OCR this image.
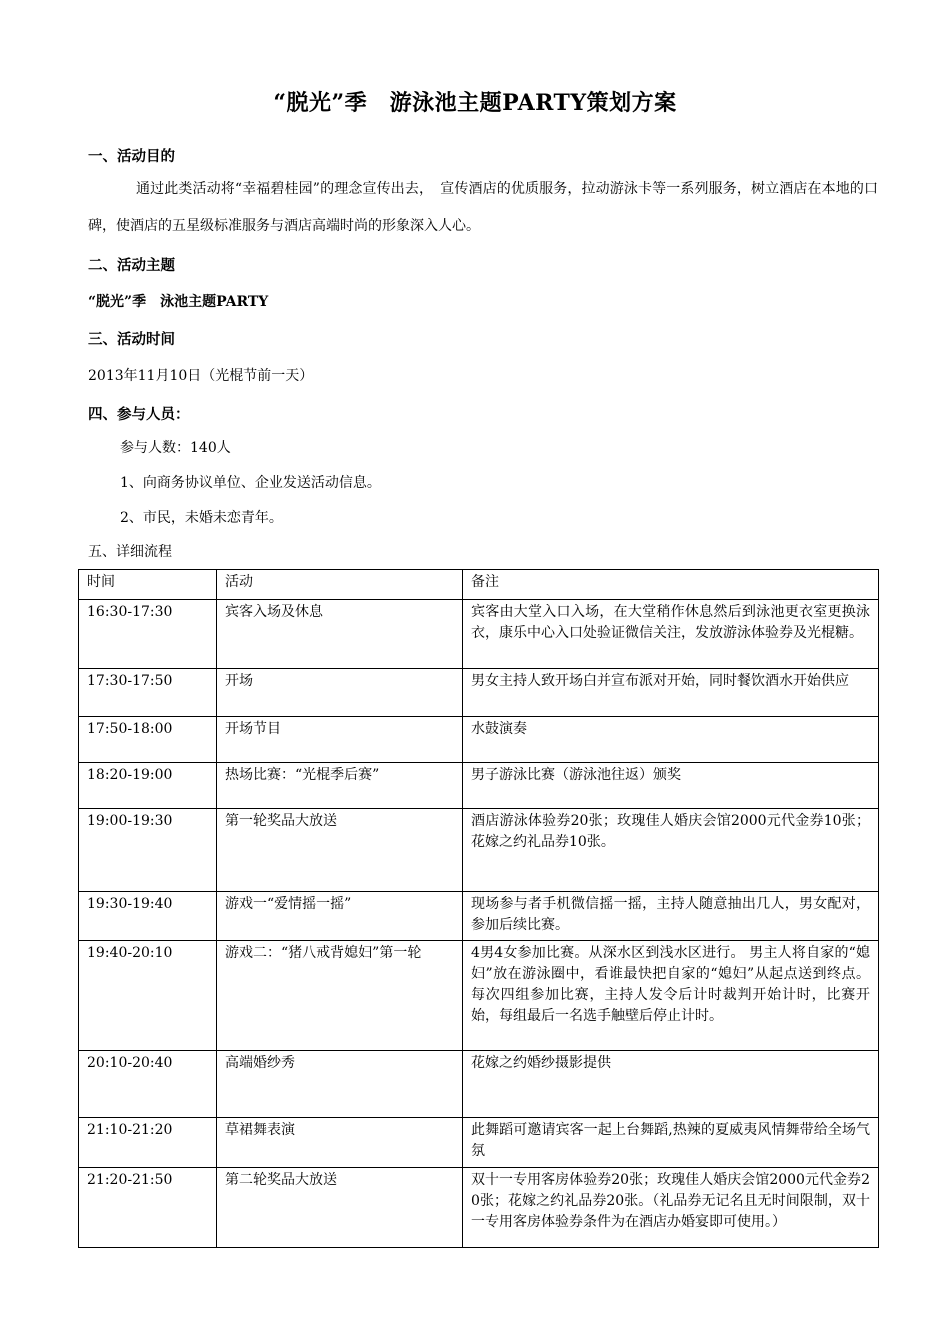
“脱光”季　游泳池主题PARTY策划方案
一、活动目的
通过此类活动将“幸福碧桂园”的理念宣传出去，　宣传酒店的优质服务，拉动游泳卡等一系列服务，树立酒店在本地的口碑，使酒店的五星级标准服务与酒店高端时尚的形象深入人心。
二、活动主题
“脱光”季　泳池主题PARTY
三、活动时间
2013年11月10日（光棍节前一天）
四、参与人员：
参与人数：140人
1、向商务协议单位、企业发送活动信息。
2、市民，未婚未恋青年。
五、详细流程
时间	活动	备注
16:30-17:30	宾客入场及休息	宾客由大堂入口入场，在大堂稍作休息然后到泳池更衣室更换泳衣，康乐中心入口处验证微信关注，发放游泳体验券及光棍糖。
17:30-17:50	开场	男女主持人致开场白并宣布派对开始，同时餐饮酒水开始供应
17:50-18:00	开场节目	水鼓演奏
18:20-19:00	热场比赛：“光棍季后赛”	男子游泳比赛（游泳池往返）颁奖
19:00-19:30	第一轮奖品大放送	酒店游泳体验券20张；玫瑰佳人婚庆会馆2000元代金券10张；花嫁之约礼品券10张。
19:30-19:40	游戏一“爱情摇一摇”	现场参与者手机微信摇一摇，主持人随意抽出几人，男女配对，参加后续比赛。
19:40-20:10	游戏二：“猪八戒背媳妇”第一轮	4男4女参加比赛。从深水区到浅水区进行。 男主人将自家的“媳妇”放在游泳圈中，看谁最快把自家的“媳妇”从起点送到终点。每次四组参加比赛，主持人发令后计时裁判开始计时，比赛开始，每组最后一名选手触壁后停止计时。
20:10-20:40	高端婚纱秀	花嫁之约婚纱摄影提供
21:10-21:20	草裙舞表演	此舞蹈可邀请宾客一起上台舞蹈,热辣的夏威夷风情舞带给全场气氛
21:20-21:50	第二轮奖品大放送	双十一专用客房体验券20张；玫瑰佳人婚庆会馆2000元代金券20张；花嫁之约礼品券20张。（礼品券无记名且无时间限制，双十一专用客房体验券条件为在酒店办婚宴即可使用。）
